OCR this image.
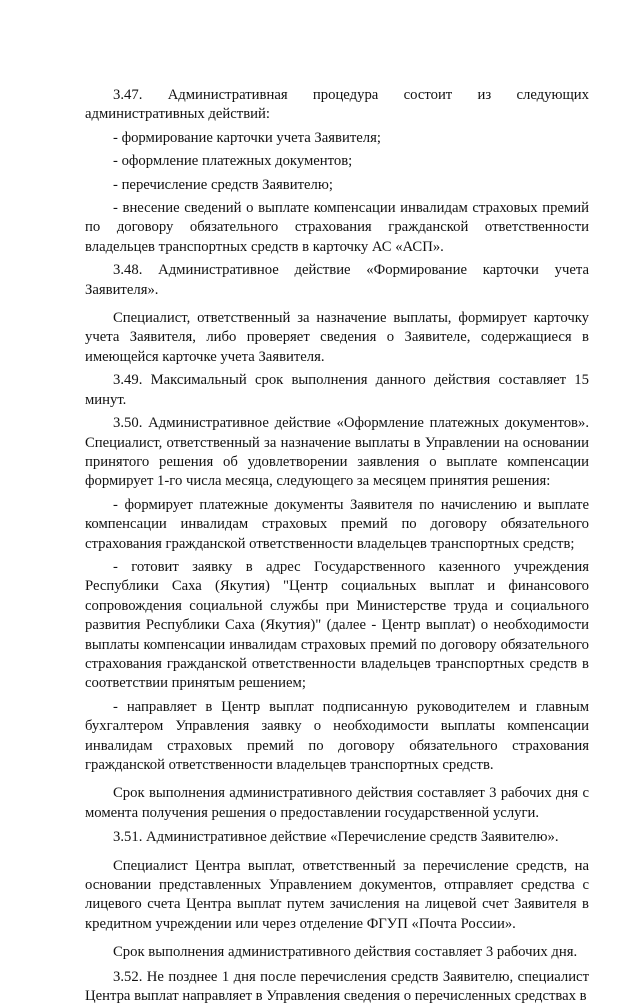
3.47. Административная процедура состоит из следующих административных действий:

- формирование карточки учета Заявителя;

- оформление платежных документов;

- перечисление средств Заявителю;

- внесение сведений о выплате компенсации инвалидам страховых премий по договору обязательного страхования гражданской ответственности владельцев транспортных средств в карточку АС «АСП».

3.48. Административное действие «Формирование карточки учета Заявителя».

Специалист, ответственный за назначение выплаты, формирует карточку учета Заявителя, либо проверяет сведения о Заявителе, содержащиеся в имеющейся карточке учета Заявителя.

3.49. Максимальный срок выполнения данного действия составляет 15 минут.

3.50. Административное действие «Оформление платежных документов». Специалист, ответственный за назначение выплаты в Управлении на основании принятого решения об удовлетворении заявления о выплате компенсации формирует 1-го числа месяца, следующего за месяцем принятия решения:

- формирует платежные документы Заявителя по начислению и выплате компенсации инвалидам страховых премий по договору обязательного страхования гражданской ответственности владельцев транспортных средств;

- готовит заявку в адрес Государственного казенного учреждения Республики Саха (Якутия) "Центр социальных выплат и финансового сопровождения социальной службы при Министерстве труда и социального развития Республики Саха (Якутия)" (далее - Центр выплат) о необходимости выплаты компенсации инвалидам страховых премий по договору обязательного страхования гражданской ответственности владельцев транспортных средств в соответствии принятым решением;

- направляет в Центр выплат подписанную руководителем и главным бухгалтером Управления заявку о необходимости выплаты компенсации инвалидам страховых премий по договору обязательного страхования гражданской ответственности владельцев транспортных средств.

Срок выполнения административного действия составляет 3 рабочих дня с момента получения решения о предоставлении государственной услуги.

3.51. Административное действие «Перечисление средств Заявителю».

Специалист Центра выплат, ответственный за перечисление средств, на основании представленных Управлением документов, отправляет средства с лицевого счета Центра выплат путем зачисления на лицевой счет Заявителя в кредитном учреждении или через отделение ФГУП «Почта России».

Срок выполнения административного действия составляет 3 рабочих дня.

3.52. Не позднее 1 дня после перечисления средств Заявителю, специалист Центра выплат направляет в Управления сведения о перечисленных средствах в
